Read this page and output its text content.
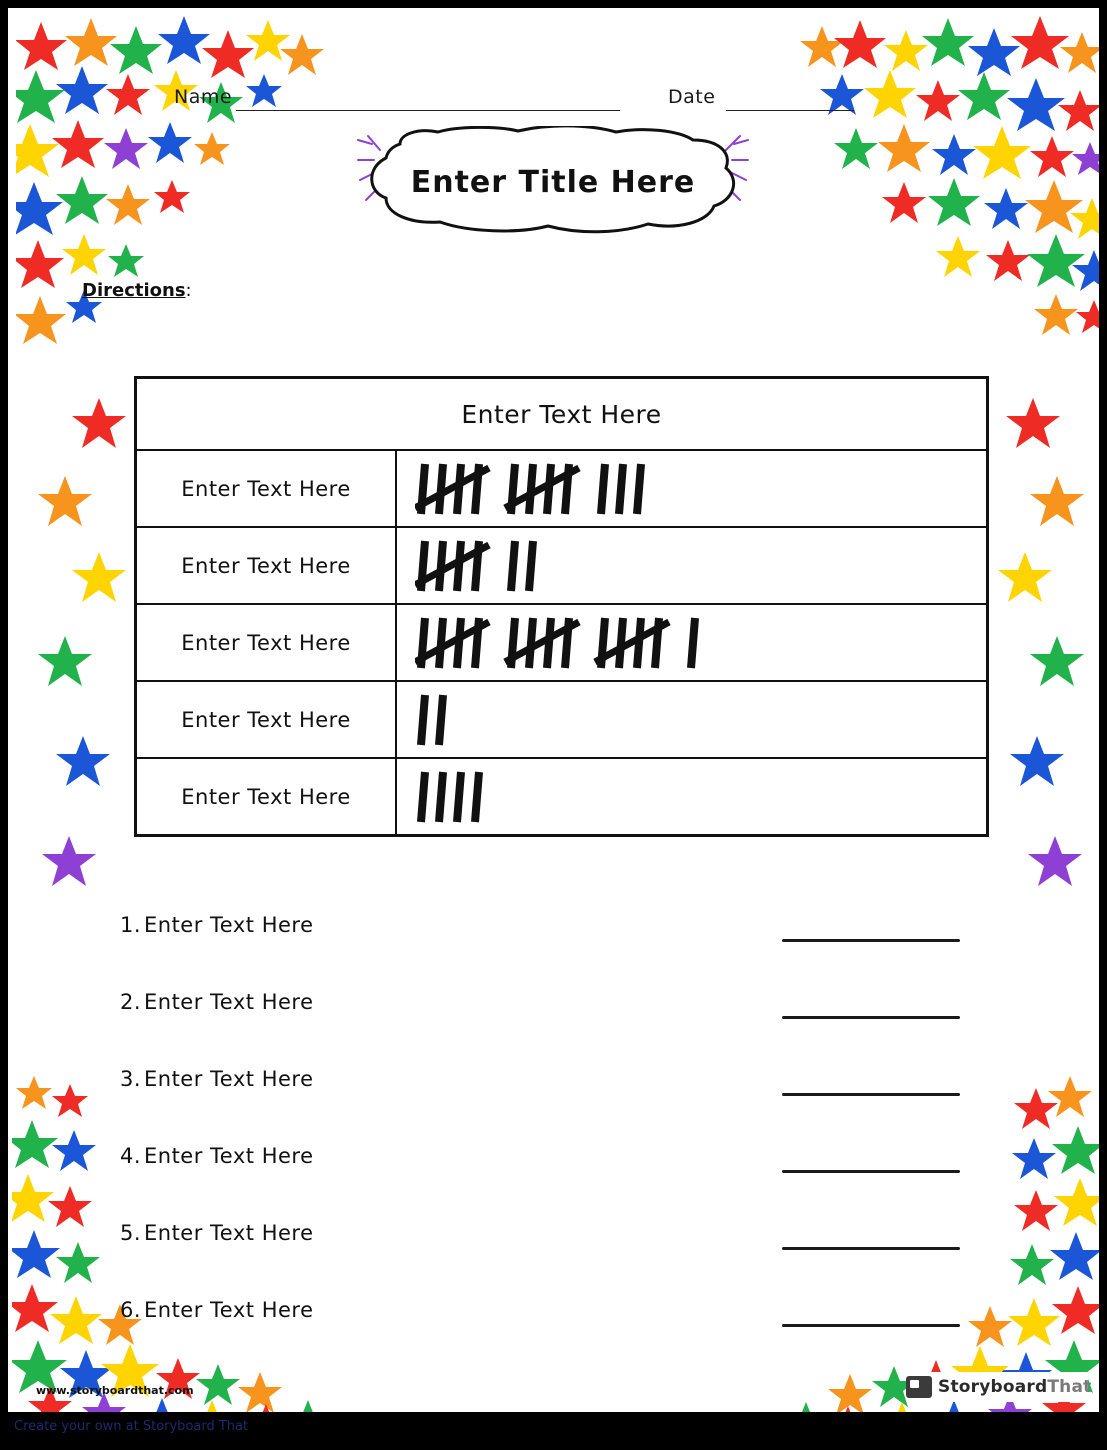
Name	Date
Enter Title Here
Directions:
Enter Text Here	
Enter Text Here	

Enter Text Here	

Enter Text Here	

Enter Text Here	

Enter Text Here	
1. Enter Text Here
2. Enter Text Here
3. Enter Text Here
4. Enter Text Here
5. Enter Text Here
6. Enter Text Here
www.storyboardthat.com	StoryboardThat
Create your own at Storyboard That
